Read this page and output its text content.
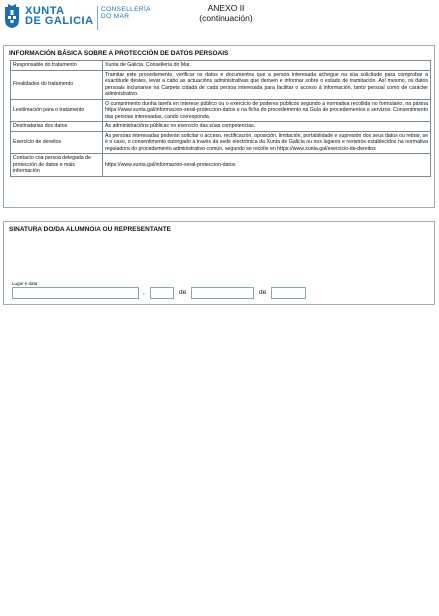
XUNTA
DE GALICIA
CONSELLERÍA
DO MAR
ANEXO II
(continuación)
INFORMACIÓN BÁSICA SOBRE A PROTECCIÓN DE DATOS PERSOAIS
Responsable do tratamento	Xunta de Galicia. Consellería do Mar.
Finalidades do tratamento	Tramitar este procedemento, verificar os datos e documentos que a persoa interesada achegue na súa solicitude para comprobar a exactitude destes, levar a cabo as actuacións administrativas que deriven e informar sobre o estado de tramitación. Así mesmo, os datos persoais incluiranse na Carpeta cidadá de cada persoa interesada para facilitar o acceso á información, tanto persoal como de carácter administrativo.
Lexitimación para o tratamento	O cumprimento dunha tarefa en interese público ou o exercicio de poderes públicos segundo a normativa recollida no formulario, na páxina https://www.xunta.gal/informacion-xeral-proteccion-datos e na ficha do procedemento na Guía de procedementos e servizos. Consentimento das persoas interesadas, cando corresponda.
Destinatarias dos datos	As administracións públicas no exercicio das súas competencias.
Exercicio de dereitos	As persoas interesadas poderán solicitar o acceso, rectificación, oposición, limitación, portabilidade e supresión dos seus datos ou retirar, se é o caso, o consentimento outorgado a través da sede electrónica da Xunta de Galicia ou nos lugares e rexistros establecidos na normativa reguladora do procedemento administrativo común, segundo se recolle en https://www.xunta.gal/exercicio-de-dereitos
Contacto coa persoa delegada de protección de datos e máis información	https://www.xunta.gal/informacion-xeral-proteccion-datos
SINATURA DO/DA ALUMNO/A OU REPRESENTANTE
Lugar e data
,	de	de
